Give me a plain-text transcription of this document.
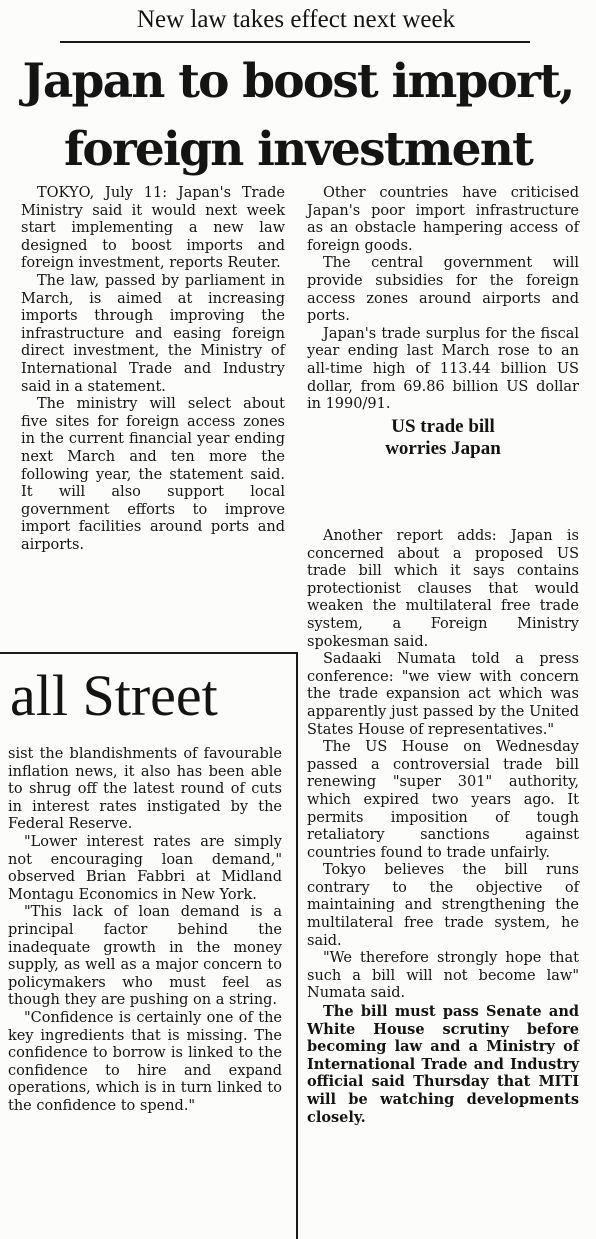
New law takes effect next week
Japan to boost import,
foreign investment

TOKYO, July 11: Japan's Trade Ministry said it would next week start implementing a new law designed to boost imports and foreign investment, reports Reuter.

The law, passed by parliament in March, is aimed at increasing imports through improving the infrastructure and easing foreign direct investment, the Ministry of International Trade and Industry said in a statement.

The ministry will select about five sites for foreign access zones in the current financial year ending next March and ten more the following year, the statement said. It will also support local government efforts to improve import facilities around ports and airports.

Other countries have criticised Japan's poor import infrastructure as an obstacle hampering access of foreign goods.

The central government will provide subsidies for the foreign access zones around airports and ports.

Japan's trade surplus for the fiscal year ending last March rose to an all-time high of 113.44 billion US dollar, from 69.86 billion US dollar in 1990/91.

US trade bill
worries Japan

Another report adds: Japan is concerned about a proposed US trade bill which it says contains protectionist clauses that would weaken the multilateral free trade system, a Foreign Ministry spokesman said.

Sadaaki Numata told a press conference: "we view with concern the trade expansion act which was apparently just passed by the United States House of representatives."

The US House on Wednesday passed a controversial trade bill renewing "super 301" authority, which expired two years ago. It permits imposition of tough retaliatory sanctions against countries found to trade unfairly.

Tokyo believes the bill runs contrary to the objective of maintaining and strengthening the multilateral free trade system, he said.

"We therefore strongly hope that such a bill will not become law" Numata said.

The bill must pass Senate and White House scrutiny before becoming law and a Ministry of International Trade and Industry official said Thursday that MITI will be watching developments closely.

all Street

sist the blandishments of favourable inflation news, it also has been able to shrug off the latest round of cuts in interest rates instigated by the Federal Reserve.

"Lower interest rates are simply not encouraging loan demand," observed Brian Fabbri at Midland Montagu Economics in New York.

"This lack of loan demand is a principal factor behind the inadequate growth in the money supply, as well as a major concern to policymakers who must feel as though they are pushing on a string.

"Confidence is certainly one of the key ingredients that is missing. The confidence to borrow is linked to the confidence to hire and expand operations, which is in turn linked to the confidence to spend."
